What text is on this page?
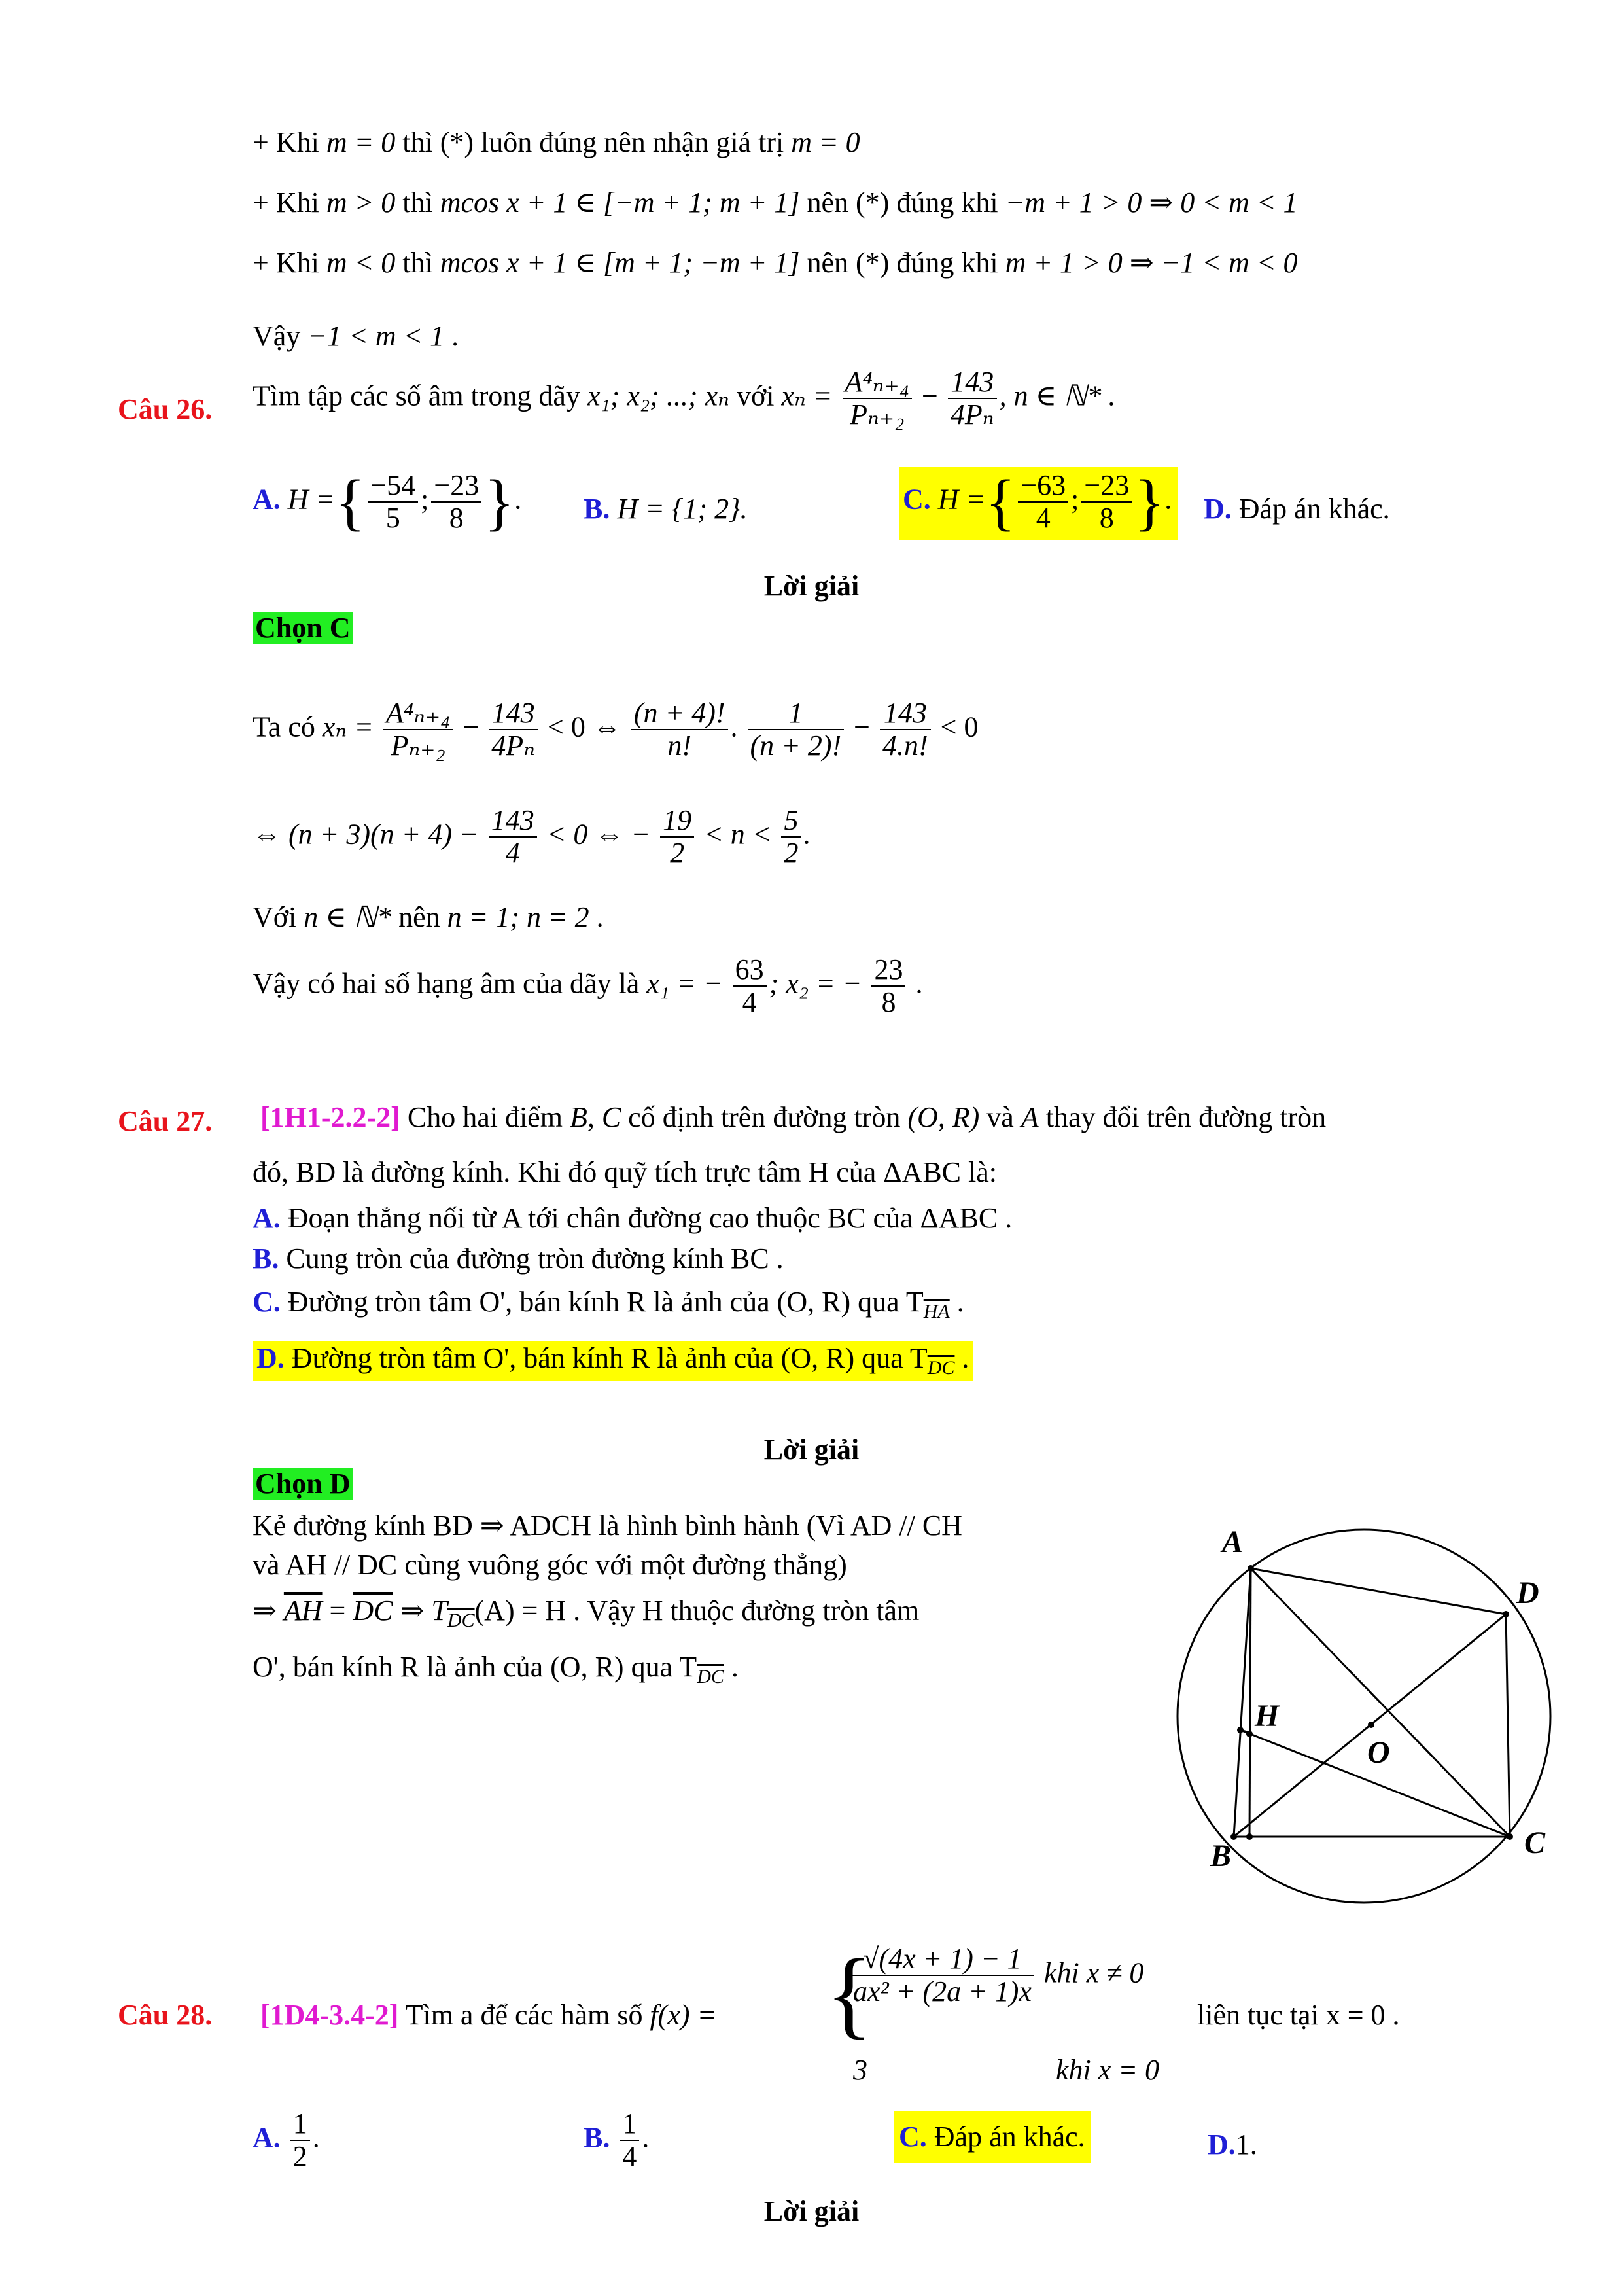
+ Khi m = 0 thì (*) luôn đúng nên nhận giá trị m = 0
+ Khi m > 0 thì mcos x + 1 ∈ [−m + 1; m + 1] nên (*) đúng khi −m + 1 > 0 ⇒ 0 < m < 1
+ Khi m < 0 thì mcos x + 1 ∈ [m + 1; −m + 1] nên (*) đúng khi m + 1 > 0 ⇒ −1 < m < 0
Vậy −1 < m < 1 .
Câu 26. Tìm tập các số âm trong dãy x₁; x₂; ...; xₙ với $x_n = \frac{\text{A⁴ₙ₊₄}}{\text{Pₙ₊₂}} - \frac{143}{\text{4Pₙ}}$ , n ∈ ℕ* .
A. H ={ $\frac{-54}{5}$ ; $\frac{-23}{8}$ }. B. H = {1; 2}.	C. H ={ $\frac{-63}{4}$ ; $\frac{-23}{8}$ }. D. Đáp án khác.
Lời giải
Chọn C
Ta có $x_n = \frac{\text{A⁴ₙ₊₄}}{\text{Pₙ₊₂}} - \frac{143}{\text{4Pₙ}} < 0$ ⇔ $\frac{(n + 4)!}{n!}$ . $\frac{1}{(n + 2)!} - \frac{143}{4.n!} < 0$
⇔ $(n + 3)(n + 4) - \frac{143}{4} < 0$ ⇔ − $\frac{19}{2} < n < \frac{5}{2}$ .
Với n ∈ ℕ* nên n = 1; n = 2 .
Vậy có hai số hạng âm của dãy là x₁ = − $\frac{63}{4}$ ; x₂ = − $\frac{23}{8}$ .
Câu 27. [1H1-2.2-2] Cho hai điểm B, C cố định trên đường tròn (O, R) và A thay đổi trên đường tròn
đó, BD là đường kính. Khi đó quỹ tích trực tâm H của ΔABC là:
A. Đoạn thẳng nối từ A tới chân đường cao thuộc BC của ΔABC .
B. Cung tròn của đường tròn đường kính BC .
C. Đường tròn tâm O', bán kính R là ảnh của (O, R) qua $T_{\overline{HA}}$ .
D. Đường tròn tâm O', bán kính R là ảnh của (O, R) qua $T_{\overline{DC}}$ .
Lời giải
Chọn D
Kẻ đường kính BD ⇒ ADCH là hình bình hành (Vì AD // CH
và AH // DC cùng vuông góc với một đường thẳng)
⇒ $\overline{AH} = \overline{DC}$ ⇒ $T_{\overline{DC}}(A) = H$ . Vậy H thuộc đường tròn tâm
O', bán kính R là ảnh của (O, R) qua $T_{\overline{DC}}$ .
A
D
C
B
H
O
Câu 28. [1D4-3.4-2] Tìm a để các hàm số f(x) = {
$\frac{√(4x + 1) - 1}{\text{ax² + (2a + 1)x}}$ khi x ≠ 0
3	khi x = 0
liên tục tại x = 0 .
A. $\frac{1}{2}$ .	B. $\frac{1}{4}$ .	C. Đáp án khác.	D.1.
Lời giải
